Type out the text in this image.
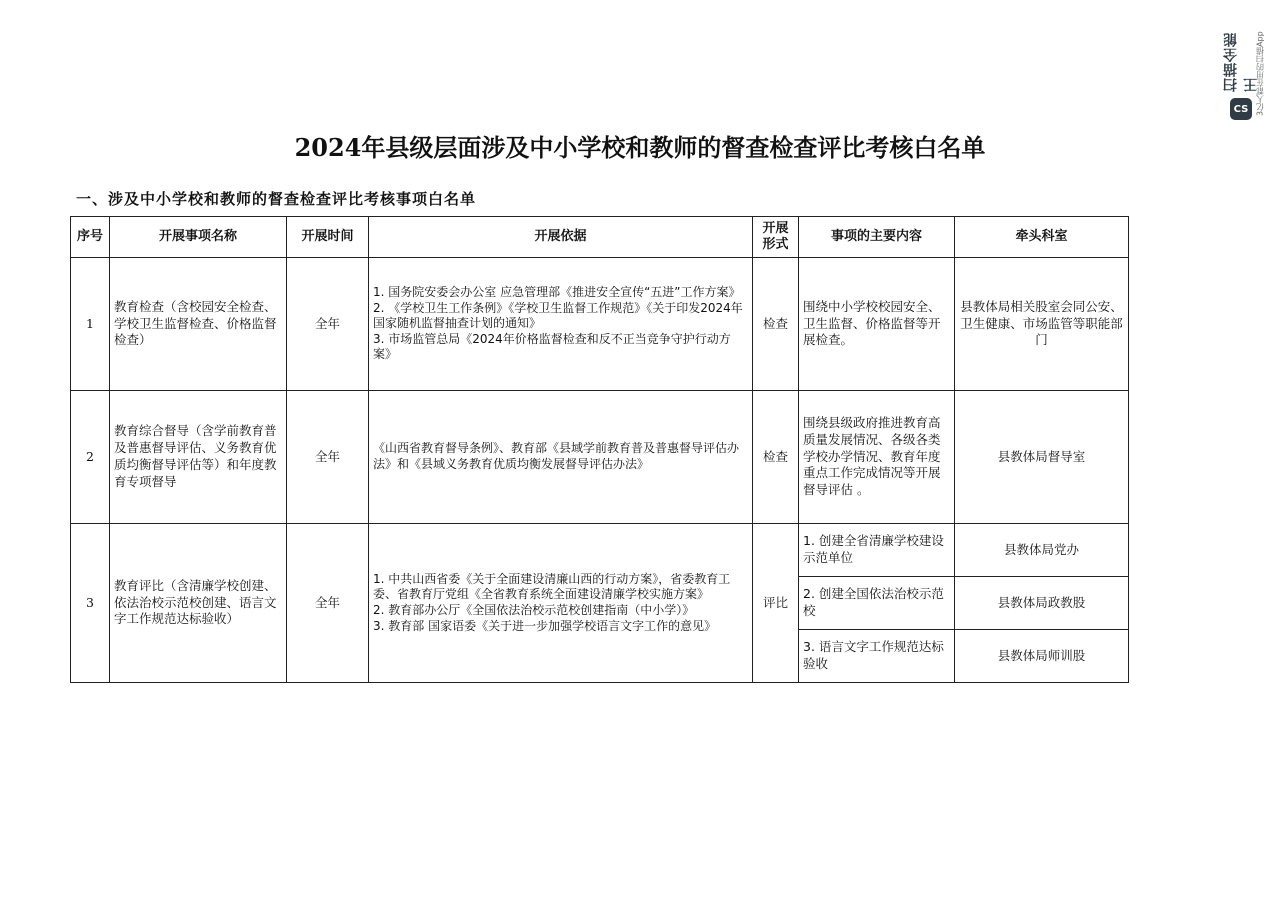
扫描全能王
CS 3亿人都在用的扫描App
2024年县级层面涉及中小学校和教师的督查检查评比考核白名单
一、涉及中小学校和教师的督查检查评比考核事项白名单
序号	开展事项名称	开展时间	开展依据	开展形式	事项的主要内容	牵头科室
1	教育检查（含校园安全检查、学校卫生监督检查、价格监督检查）	全年	1. 国务院安委会办公室 应急管理部《推进安全宣传“五进”工作方案》
2. 《学校卫生工作条例》《学校卫生监督工作规范》《关于印发2024年国家随机监督抽查计划的通知》
3. 市场监管总局《2024年价格监督检查和反不正当竞争守护行动方案》	检查	围绕中小学校校园安全、卫生监督、价格监督等开展检查。	县教体局相关股室会同公安、卫生健康、市场监管等职能部门
2	教育综合督导（含学前教育普及普惠督导评估、义务教育优质均衡督导评估等）和年度教育专项督导	全年	《山西省教育督导条例》、教育部《县域学前教育普及普惠督导评估办法》和《县域义务教育优质均衡发展督导评估办法》	检查	围绕县级政府推进教育高质量发展情况、各级各类学校办学情况、教育年度重点工作完成情况等开展督导评估 。	县教体局督导室
3	教育评比（含清廉学校创建、依法治校示范校创建、语言文字工作规范达标验收）	全年	1. 中共山西省委《关于全面建设清廉山西的行动方案》，省委教育工委、省教育厅党组《全省教育系统全面建设清廉学校实施方案》
2. 教育部办公厅《全国依法治校示范校创建指南（中小学）》
3. 教育部 国家语委《关于进一步加强学校语言文字工作的意见》	评比	1. 创建全省清廉学校建设示范单位	县教体局党办
					2. 创建全国依法治校示范校	县教体局政教股
					3. 语言文字工作规范达标验收	县教体局师训股
